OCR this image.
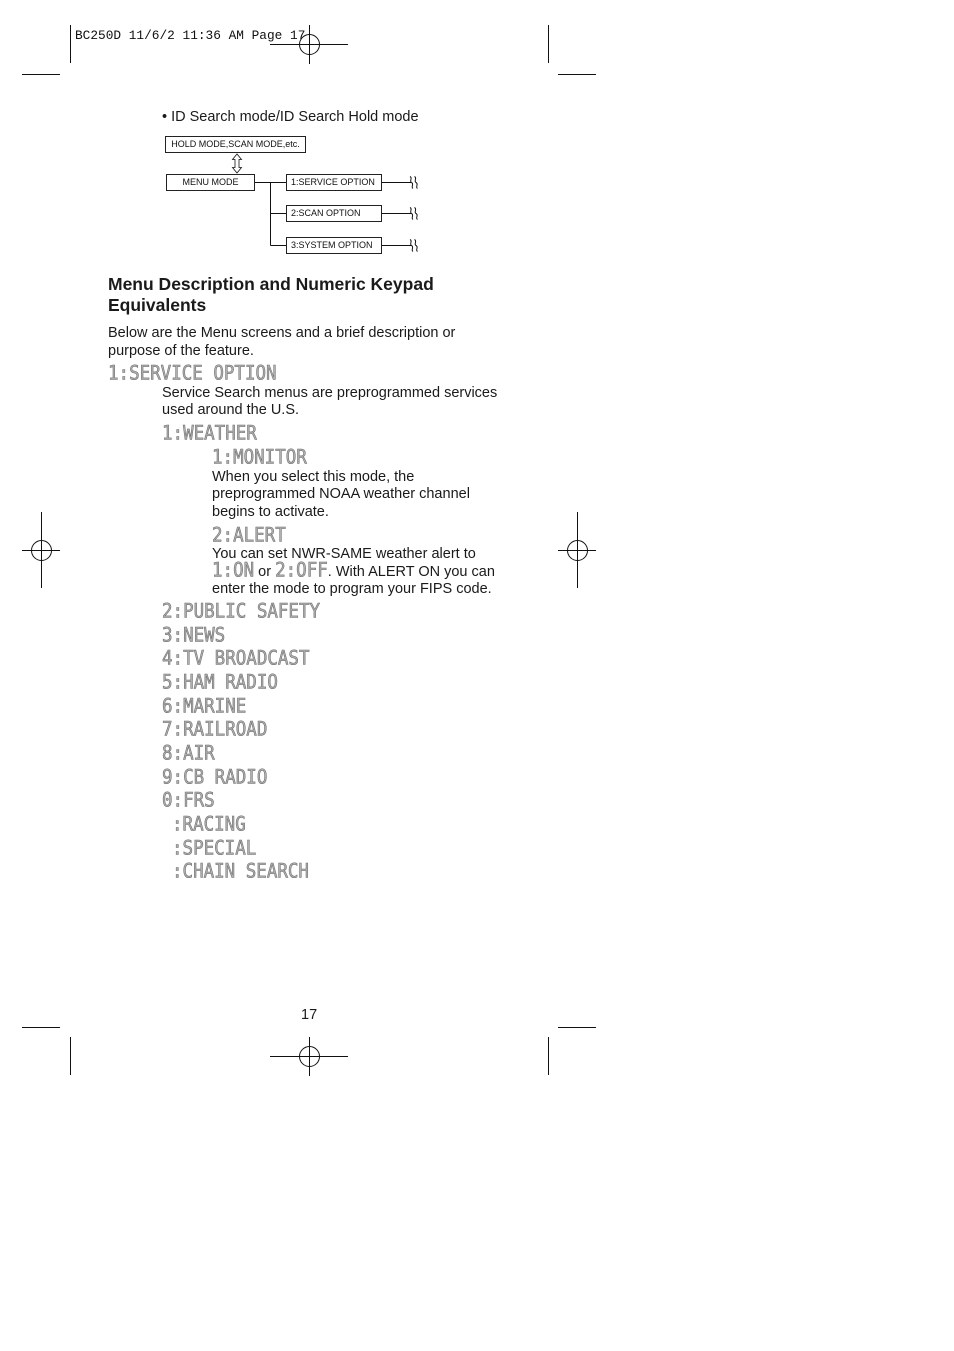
BC250D 11/6/2 11:36 AM Page 17
• ID Search mode/ID Search Hold mode
HOLD MODE,SCAN MODE,etc.
MENU MODE	1:SERVICE OPTION
2:SCAN OPTION
3:SYSTEM OPTION
Menu Description and Numeric Keypad
Equivalents
Below are the Menu screens and a brief description or
purpose of the feature.
1:SERVICE OPTION
Service Search menus are preprogrammed services
used around the U.S.
1:WEATHER
1:MONITOR
When you select this mode, the
preprogrammed NOAA weather channel
begins to activate.
2:ALERT
You can set NWR-SAME weather alert to
1:ON or 2:OFF. With ALERT ON you can
enter the mode to program your FIPS code.
2:PUBLIC SAFETY
3:NEWS
4:TV BROADCAST
5:HAM RADIO
6:MARINE
7:RAILROAD
8:AIR
9:CB RADIO
0:FRS
:RACING
:SPECIAL
:CHAIN SEARCH
17
